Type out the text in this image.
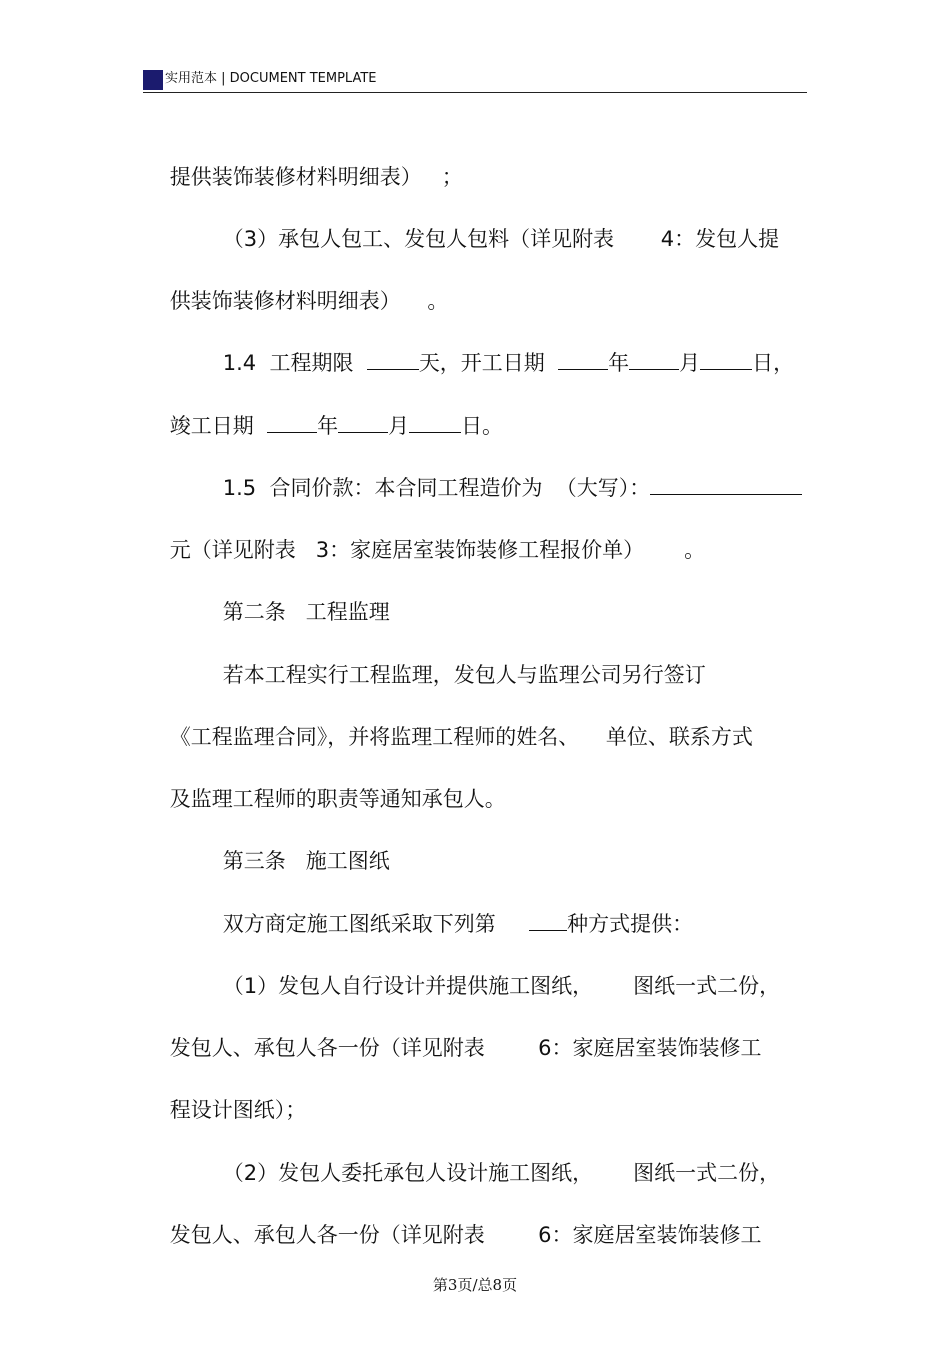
实用范本 | DOCUMENT TEMPLATE

提供装饰装修材料明细表）   ；

（3）承包人包工、发包人包料（详见附表       4：发包人提

供装饰装修材料明细表）    。

1.4  工程期限  天，开工日期  年 月 日，

竣工日期  年 月 日。

1.5  合同价款：本合同工程造价为  （大写）：

元（详见附表   3：家庭居室装饰装修工程报价单）      。

第二条   工程监理

若本工程实行工程监理，发包人与监理公司另行签订

《工程监理合同》，并将监理工程师的姓名、    单位、联系方式

及监理工程师的职责等通知承包人。

第三条   施工图纸

双方商定施工图纸采取下列第     种方式提供：

（1）发包人自行设计并提供施工图纸，      图纸一式二份，

发包人、承包人各一份（详见附表        6：家庭居室装饰装修工

程设计图纸）；

（2）发包人委托承包人设计施工图纸，      图纸一式二份，

发包人、承包人各一份（详见附表        6：家庭居室装饰装修工

第3页/总8页
